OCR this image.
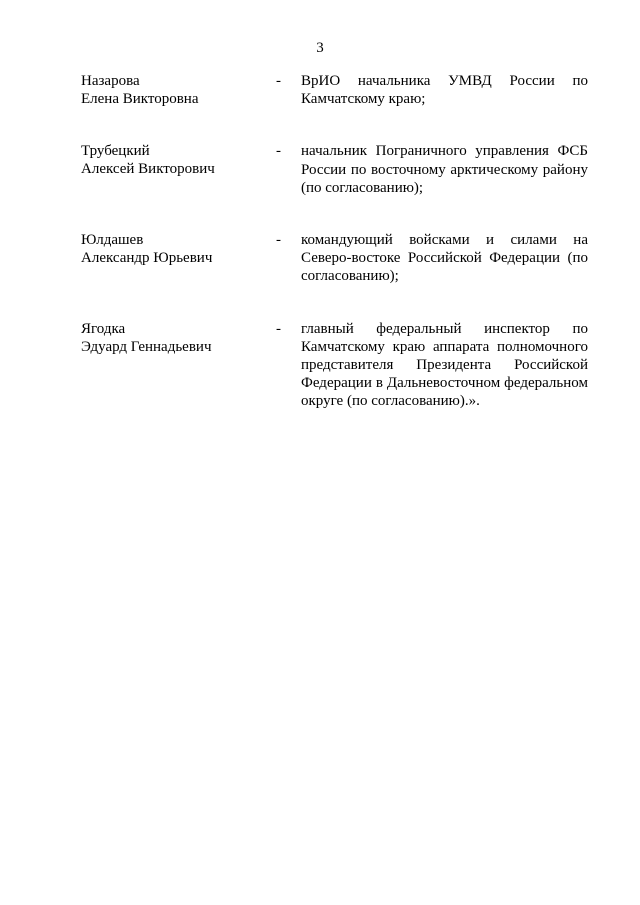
3
Назарова
Елена Викторовна
-	ВрИО начальника УМВД России по Камчатскому краю;
Трубецкий
Алексей Викторович
-	начальник Пограничного управления ФСБ России по восточному арктическому району (по согласованию);
Юлдашев
Александр Юрьевич
-	командующий войсками и силами на Северо-востоке Российской Федерации (по согласованию);
Ягодка
Эдуард Геннадьевич
-	главный федеральный инспектор по Камчатскому краю аппарата полномочного представителя Президента Российской Федерации в Дальневосточном федеральном округе (по согласованию).».
